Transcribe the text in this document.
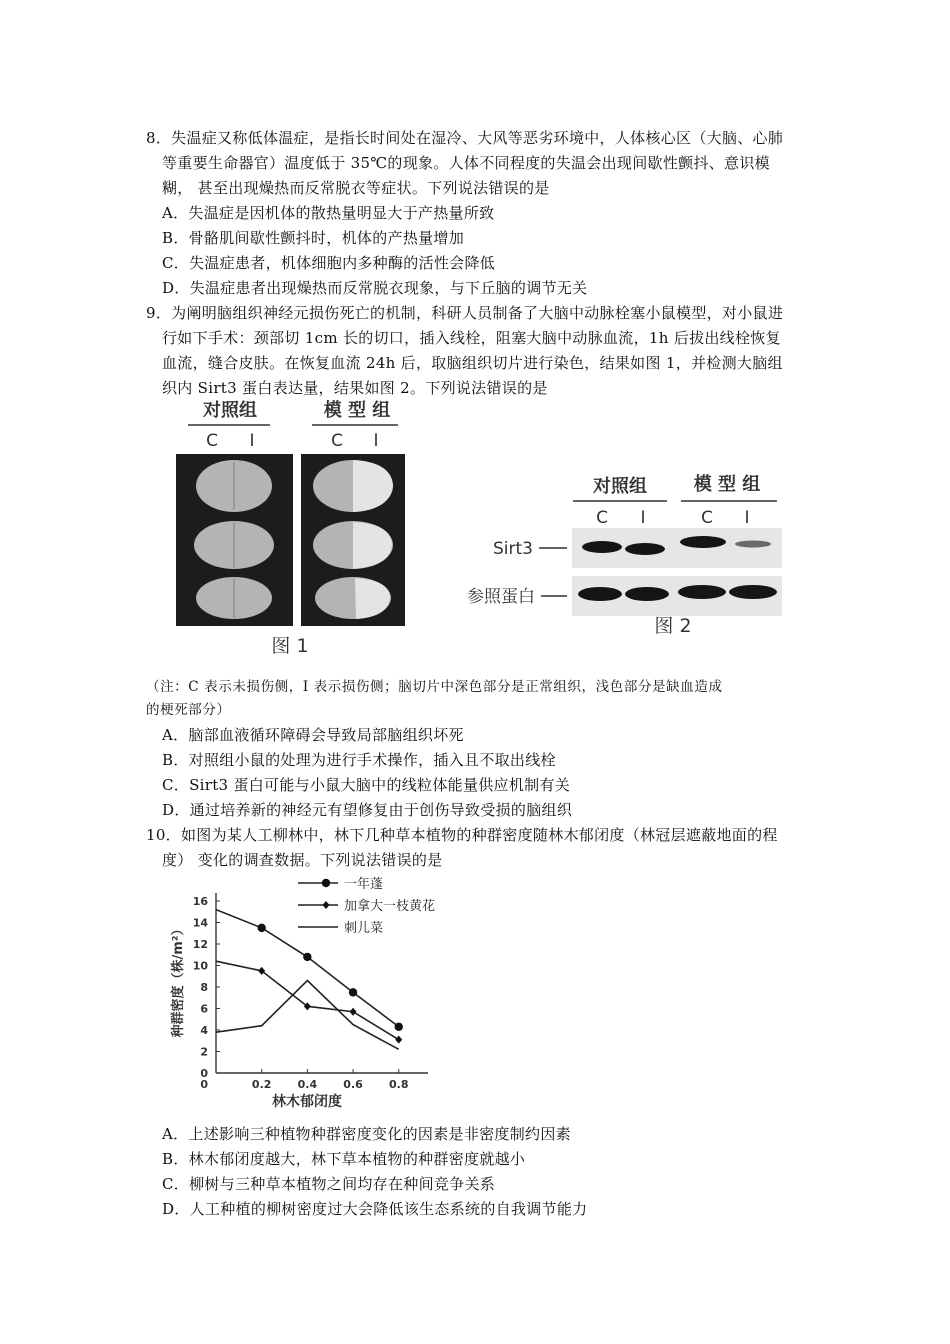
8．失温症又称低体温症，是指长时间处在湿冷、大风等恶劣环境中，人体核心区（大脑、心肺
等重要生命器官）温度低于 35℃的现象。人体不同程度的失温会出现间歇性颤抖、意识模
糊， 甚至出现燥热而反常脱衣等症状。下列说法错误的是
A．失温症是因机体的散热量明显大于产热量所致
B．骨骼肌间歇性颤抖时，机体的产热量增加
C．失温症患者，机体细胞内多种酶的活性会降低
D．失温症患者出现燥热而反常脱衣现象，与下丘脑的调节无关
9．为阐明脑组织神经元损伤死亡的机制，科研人员制备了大脑中动脉栓塞小鼠模型，对小鼠进
行如下手术：颈部切 1cm 长的切口，插入线栓，阻塞大脑中动脉血流，1h 后拔出线栓恢复
血流，缝合皮肤。在恢复血流 24h 后，取脑组织切片进行染色，结果如图 1，并检测大脑组
织内 Sirt3 蛋白表达量，结果如图 2。下列说法错误的是
对照组	模 型 组
C I	C I
图 1
对照组	模 型 组
C I	C I
Sirt3
参照蛋白
图 2
（注：C 表示未损伤侧，I 表示损伤侧；脑切片中深色部分是正常组织，浅色部分是缺血造成
的梗死部分）
A．脑部血液循环障碍会导致局部脑组织坏死
B．对照组小鼠的处理为进行手术操作，插入且不取出线栓
C．Sirt3 蛋白可能与小鼠大脑中的线粒体能量供应机制有关
D．通过培养新的神经元有望修复由于创伤导致受损的脑组织
10．如图为某人工柳林中，林下几种草本植物的种群密度随林木郁闭度（林冠层遮蔽地面的程
度） 变化的调查数据。下列说法错误的是
0
2
4
6
8
10
12
14
16
0	0.2 0.4 0.6 0.8
一年蓬
加拿大一枝黄花
刺儿菜
种群密度（株/m²）
林木郁闭度
A．上述影响三种植物种群密度变化的因素是非密度制约因素
B．林木郁闭度越大，林下草本植物的种群密度就越小
C．柳树与三种草本植物之间均存在种间竞争关系
D．人工种植的柳树密度过大会降低该生态系统的自我调节能力
